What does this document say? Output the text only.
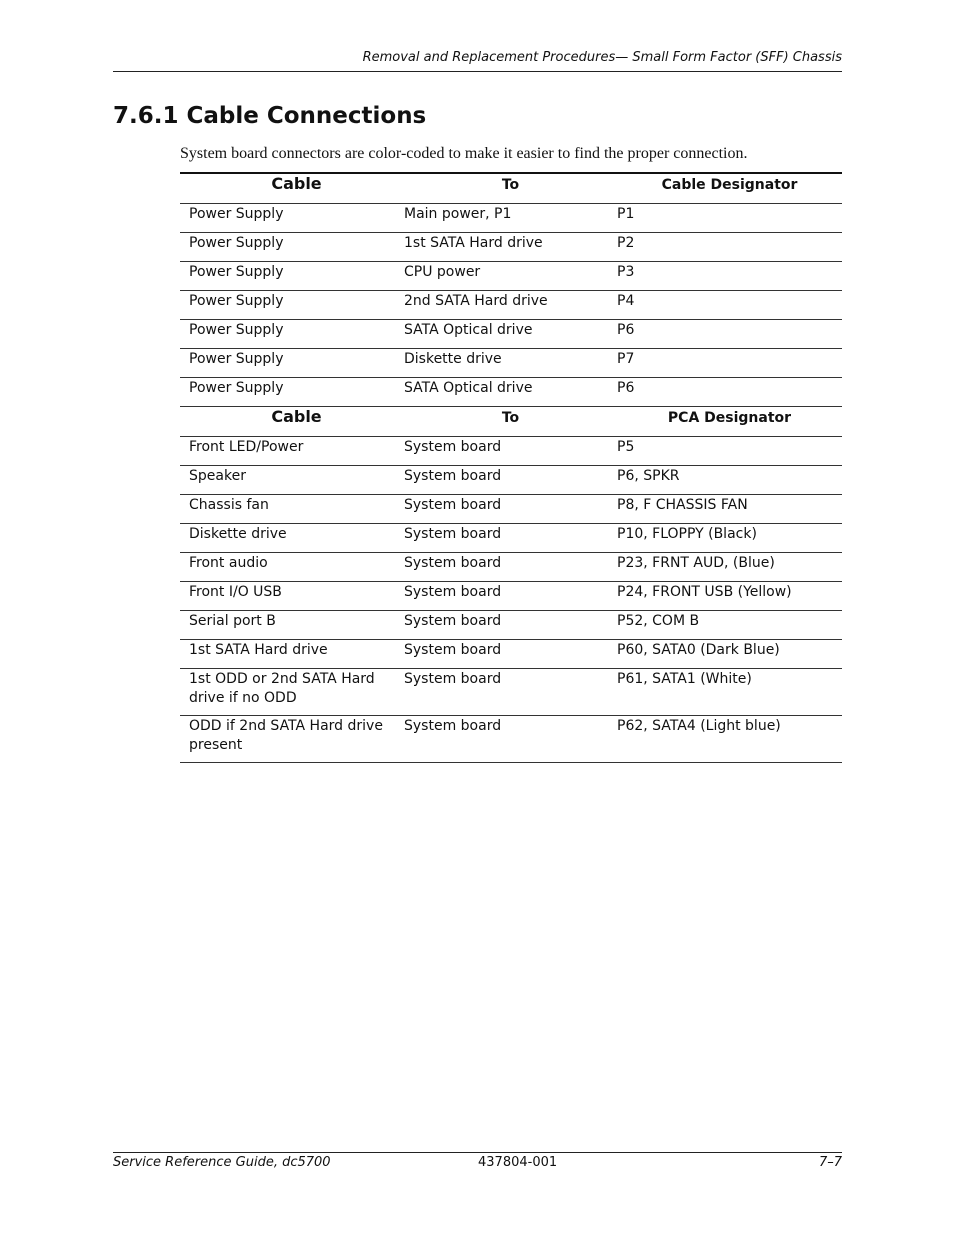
Removal and Replacement Procedures— Small Form Factor (SFF) Chassis
7.6.1 Cable Connections

System board connectors are color-coded to make it easier to find the proper connection.

Cable	To	Cable Designator
Power Supply	Main power, P1	P1
Power Supply	1st SATA Hard drive	P2
Power Supply	CPU power	P3
Power Supply	2nd SATA Hard drive	P4
Power Supply	SATA Optical drive	P6
Power Supply	Diskette drive	P7
Power Supply	SATA Optical drive	P6
Cable	To	PCA Designator
Front LED/Power	System board	P5
Speaker	System board	P6, SPKR
Chassis fan	System board	P8, F CHASSIS FAN
Diskette drive	System board	P10, FLOPPY (Black)
Front audio	System board	P23, FRNT AUD, (Blue)
Front I/O USB	System board	P24, FRONT USB (Yellow)
Serial port B	System board	P52, COM B
1st SATA Hard drive	System board	P60, SATA0 (Dark Blue)
1st ODD or 2nd SATA Hard drive if no ODD	System board	P61, SATA1 (White)
ODD if 2nd SATA Hard drive present	System board	P62, SATA4 (Light blue)
Service Reference Guide, dc5700	437804-001	7–7
